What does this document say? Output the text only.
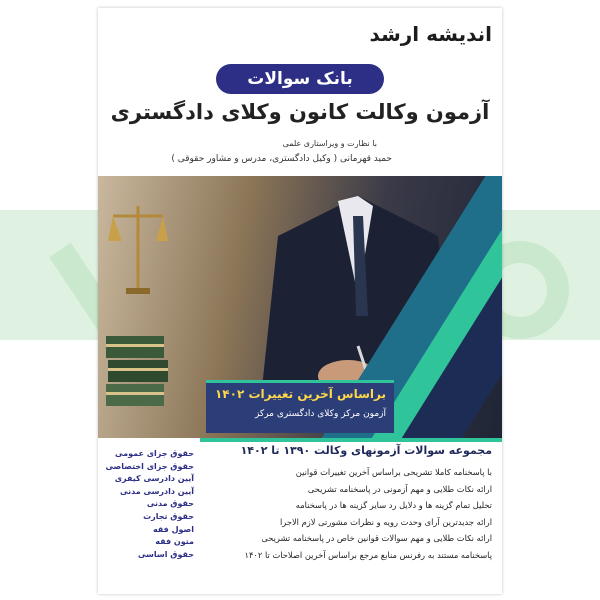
اندیشه ارشد
بانک سوالات
آزمون وکالت کانون وکلای دادگستری
با نظارت و ویراستاری علمی
حمید قهرمانی ( وکیل دادگستری، مدرس و مشاور حقوقی )
براساس آخرین تغییرات ۱۴۰۲
آزمون مرکز وکلای دادگستری مرکز
مجموعه سوالات آزمونهای وکالت ۱۳۹۰ تا ۱۴۰۲
با پاسخنامه کاملا تشریحی براساس آخرین تغییرات قوانین
ارائه نکات طلایی و مهم آزمونی در پاسخنامه تشریحی
تحلیل تمام گزینه ها و دلایل رد سایر گزینه ها در پاسخنامه
ارائه جدیدترین آرای وحدت رویه و نظرات مشورتی لازم الاجرا
ارائه نکات طلایی و مهم سوالات قوانین خاص در پاسخنامه تشریحی
پاسخنامه مستند به رفرنس منابع مرجع براساس آخرین اصلاحات تا ۱۴۰۲
حقوق جزای عمومی
حقوق جزای اختصاصی
آیین دادرسی کیفری
آیین دادرسی مدنی
حقوق مدنی
حقوق تجارت
اصول فقه
متون فقه
حقوق اساسی
